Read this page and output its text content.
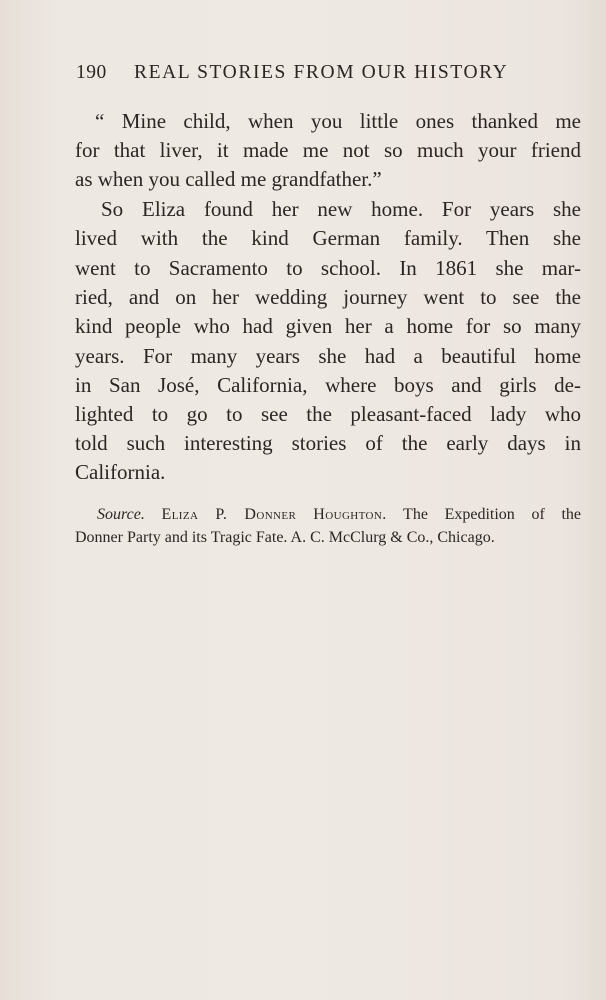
190 REAL STORIES FROM OUR HISTORY
“ Mine child, when you little ones thanked me
for that liver, it made me not so much your friend
as when you called me grandfather.”
So Eliza found her new home. For years she
lived with the kind German family. Then she
went to Sacramento to school. In 1861 she mar-
ried, and on her wedding journey went to see the
kind people who had given her a home for so many
years. For many years she had a beautiful home
in San José, California, where boys and girls de-
lighted to go to see the pleasant-faced lady who
told such interesting stories of the early days in
California.
Source. Eliza P. Donner Houghton. The Expedition of the
Donner Party and its Tragic Fate. A. C. McClurg & Co., Chicago.
